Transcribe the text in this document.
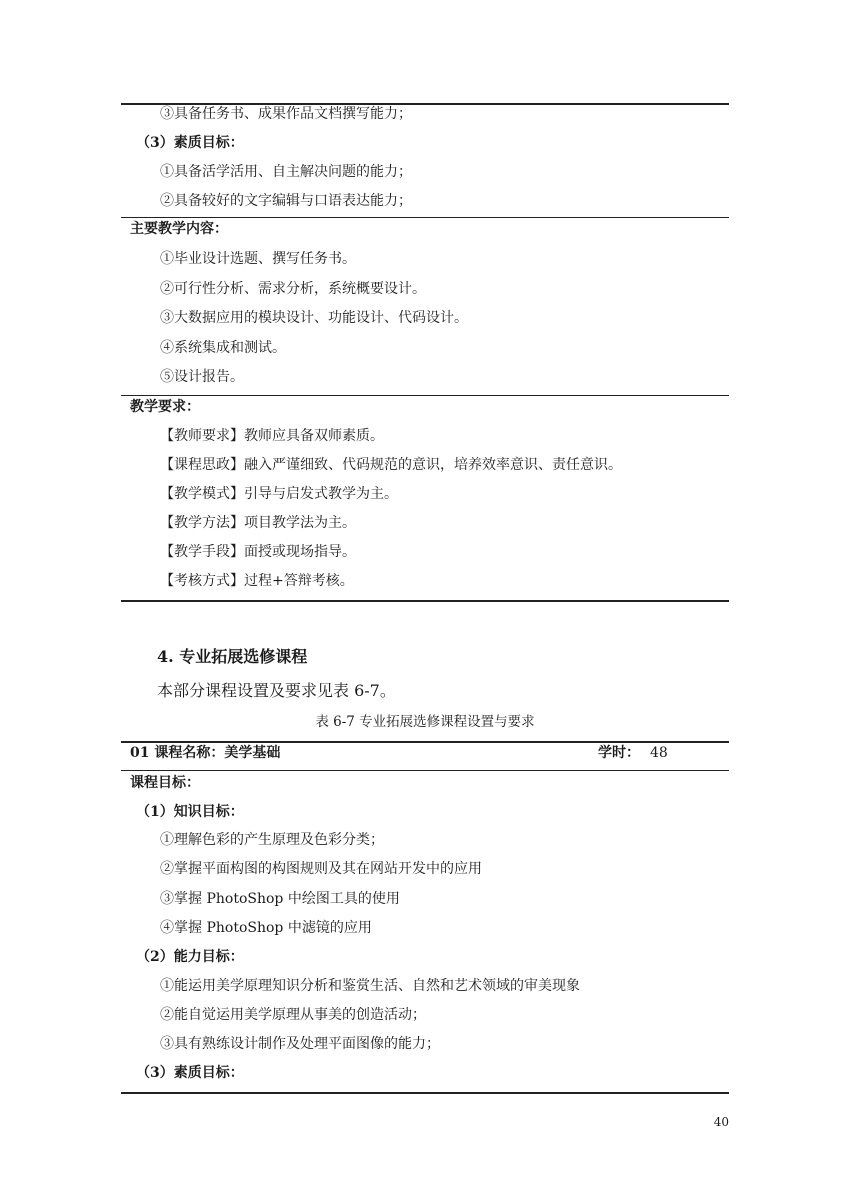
③具备任务书、成果作品文档撰写能力；
（3）素质目标：
①具备活学活用、自主解决问题的能力；
②具备较好的文字编辑与口语表达能力；
主要教学内容：
①毕业设计选题、撰写任务书。
②可行性分析、需求分析，系统概要设计。
③大数据应用的模块设计、功能设计、代码设计。
④系统集成和测试。
⑤设计报告。
教学要求：
【教师要求】教师应具备双师素质。
【课程思政】融入严谨细致、代码规范的意识，培养效率意识、责任意识。
【教学模式】引导与启发式教学为主。
【教学方法】项目教学法为主。
【教学手段】面授或现场指导。
【考核方式】过程+答辩考核。
4. 专业拓展选修课程
本部分课程设置及要求见表 6-7。
表 6-7 专业拓展选修课程设置与要求
01 课程名称：美学基础	学时： 48
课程目标：
（1）知识目标：
①理解色彩的产生原理及色彩分类；
②掌握平面构图的构图规则及其在网站开发中的应用
③掌握 PhotoShop 中绘图工具的使用
④掌握 PhotoShop 中滤镜的应用
（2）能力目标：
①能运用美学原理知识分析和鉴赏生活、自然和艺术领域的审美现象
②能自觉运用美学原理从事美的创造活动；
③具有熟练设计制作及处理平面图像的能力；
（3）素质目标：
40
